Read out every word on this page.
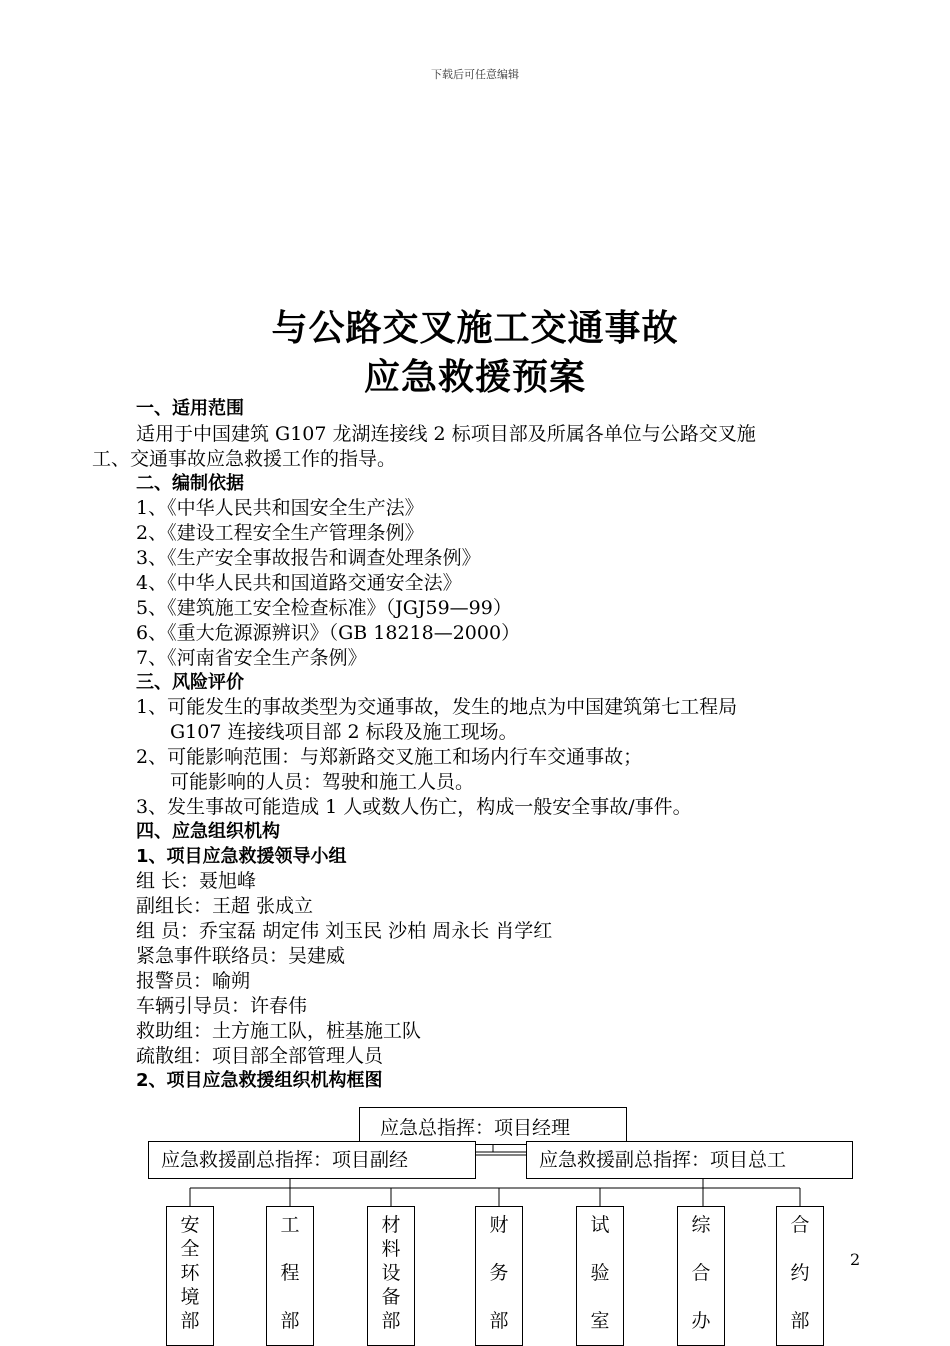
下载后可任意编辑
与公路交叉施工交通事故
应急救援预案
一、适用范围
适用于中国建筑 G107 龙湖连接线 2 标项目部及所属各单位与公路交叉施
工、交通事故应急救援工作的指导。
二、编制依据
1、《中华人民共和国安全生产法》
2、《建设工程安全生产管理条例》
3、《生产安全事故报告和调查处理条例》
4、《中华人民共和国道路交通安全法》
5、《建筑施工安全检查标准》（JGJ59—99）
6、《重大危源源辨识》（GB 18218—2000）
7、《河南省安全生产条例》
三、风险评价
1、可能发生的事故类型为交通事故，发生的地点为中国建筑第七工程局
G107 连接线项目部 2 标段及施工现场。
2、可能影响范围：与郑新路交叉施工和场内行车交通事故；
可能影响的人员：驾驶和施工人员。
3、发生事故可能造成 1 人或数人伤亡，构成一般安全事故/事件。
四、应急组织机构
1、项目应急救援领导小组
组 长：聂旭峰
副组长：王超 张成立
组 员：乔宝磊 胡定伟 刘玉民 沙柏 周永长 肖学红
紧急事件联络员：吴建威
报警员：喻朔
车辆引导员：许春伟
救助组：土方施工队，桩基施工队
疏散组：项目部全部管理人员
2、项目应急救援组织机构框图
应急总指挥：项目经理
应急救援副总指挥：项目副经	应急救援副总指挥：项目总工
安
全
环
境
部
工

程

部
材
料
设
备
部
财

务

部
试

验

室
综

合

办
合

约

部
2
